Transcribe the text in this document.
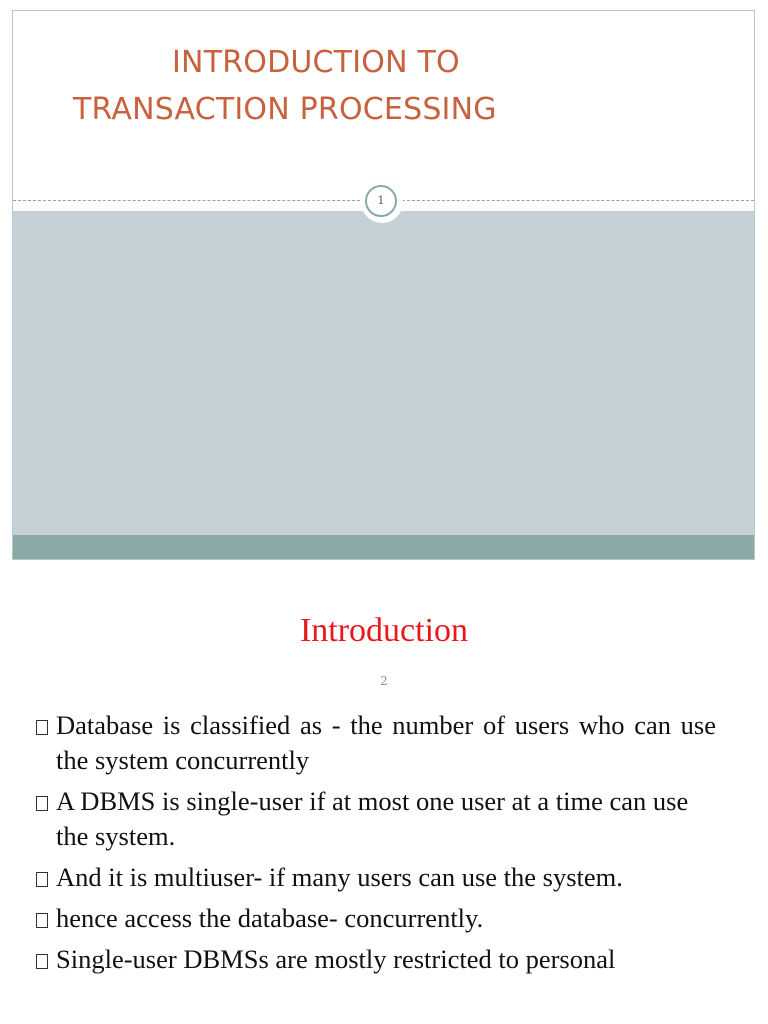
INTRODUCTION TO
TRANSACTION PROCESSING
1
Introduction
2
Database is classified as - the number of users who can use the system concurrently
A DBMS is single-user if at most one user at a time can use the system.
And it is multiuser- if many users can use the system.
hence access the database- concurrently.
Single-user DBMSs are mostly restricted to personal
